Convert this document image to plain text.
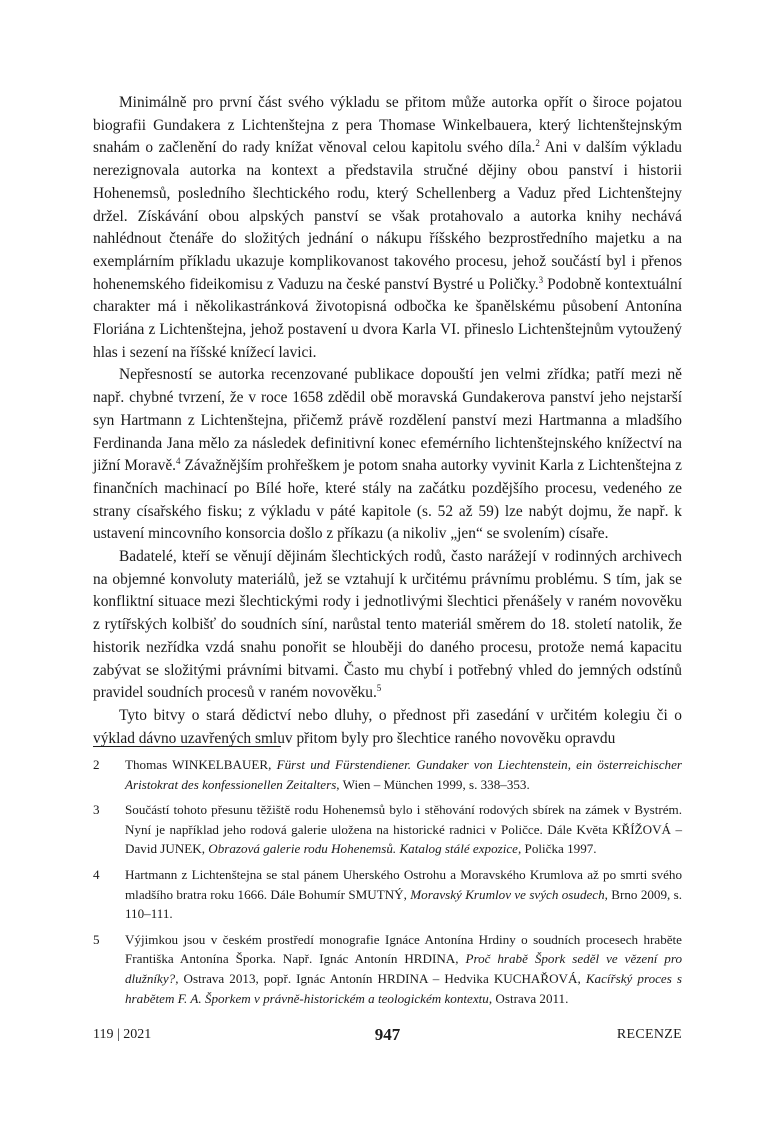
Minimálně pro první část svého výkladu se přitom může autorka opřít o široce pojatou biografii Gundakera z Lichtenštejna z pera Thomase Winkelbauera, který lichtenštejnským snahám o začlenění do rady knížat věnoval celou kapitolu svého díla.$^2$ Ani v dalším výkladu nerezignovala autorka na kontext a představila stručné dějiny obou panství i historii Hohenemsů, posledního šlechtického rodu, který Schellenberg a Vaduz před Lichtenštejny držel. Získávání obou alpských panství se však protahovalo a autorka knihy nechává nahlédnout čtenáře do složitých jednání o nákupu říšského bezprostředního majetku a na exemplárním příkladu ukazuje komplikovanost takového procesu, jehož součástí byl i přenos hohenemského fideikomisu z Vaduzu na české panství Bystré u Poličky.$^3$ Podobně kontextuální charakter má i několikastránková životopisná odbočka ke španělskému působení Antonína Floriána z Lichtenštejna, jehož postavení u dvora Karla VI. přineslo Lichtenštejnům vytoužený hlas i sezení na říšské knížecí lavici.

Nepřesností se autorka recenzované publikace dopouští jen velmi zřídka; patří mezi ně např. chybné tvrzení, že v roce 1658 zdědil obě moravská Gundakerova panství jeho nejstarší syn Hartmann z Lichtenštejna, přičemž právě rozdělení panství mezi Hartmanna a mladšího Ferdinanda Jana mělo za následek definitivní konec efemérního lichtenštejnského knížectví na jižní Moravě.$^4$ Závažnějším prohřeškem je potom snaha autorky vyvinit Karla z Lichtenštejna z finančních machinací po Bílé hoře, které stály na začátku pozdějšího procesu, vedeného ze strany císařského fisku; z výkladu v páté kapitole (s. 52 až 59) lze nabýt dojmu, že např. k ustavení mincovního konsorcia došlo z příkazu (a nikoliv „jen“ se svolením) císaře.

Badatelé, kteří se věnují dějinám šlechtických rodů, často narážejí v rodinných archivech na objemné konvoluty materiálů, jež se vztahují k určitému právnímu problému. S tím, jak se konfliktní situace mezi šlechtickými rody i jednotlivými šlechtici přenášely v raném novověku z rytířských kolbišť do soudních síní, narůstal tento materiál směrem do 18. století natolik, že historik nezřídka vzdá snahu ponořit se hlouběji do daného procesu, protože nemá kapacitu zabývat se složitými právními bitvami. Často mu chybí i potřebný vhled do jemných odstínů pravidel soudních procesů v raném novověku.$^5$

Tyto bitvy o stará dědictví nebo dluhy, o přednost při zasedání v určitém kolegiu či o výklad dávno uzavřených smluv přitom byly pro šlechtice raného novověku opravdu

2	Thomas WINKELBAUER, Fürst und Fürstendiener. Gundaker von Liechtenstein, ein österreichischer Aristokrat des konfessionellen Zeitalters, Wien – München 1999, s. 338–353.
3	Součástí tohoto přesunu těžiště rodu Hohenemsů bylo i stěhování rodových sbírek na zámek v Bystrém. Nyní je například jeho rodová galerie uložena na historické radnici v Poličce. Dále Květa KŘÍŽOVÁ – David JUNEK, Obrazová galerie rodu Hohenemsů. Katalog stálé expozice, Polička 1997.
4	Hartmann z Lichtenštejna se stal pánem Uherského Ostrohu a Moravského Krumlova až po smrti svého mladšího bratra roku 1666. Dále Bohumír SMUTNÝ, Moravský Krumlov ve svých osudech, Brno 2009, s. 110–111.
5	Výjimkou jsou v českém prostředí monografie Ignáce Antonína Hrdiny o soudních procesech hraběte Františka Antonína Šporka. Např. Ignác Antonín HRDINA, Proč hrabě Špork seděl ve vězení pro dlužníky?, Ostrava 2013, popř. Ignác Antonín HRDINA – Hedvika KUCHAŘOVÁ, Kacířský proces s hrabětem F. A. Šporkem v právně-historickém a teologickém kontextu, Ostrava 2011.
119 | 2021	947	RECENZE
